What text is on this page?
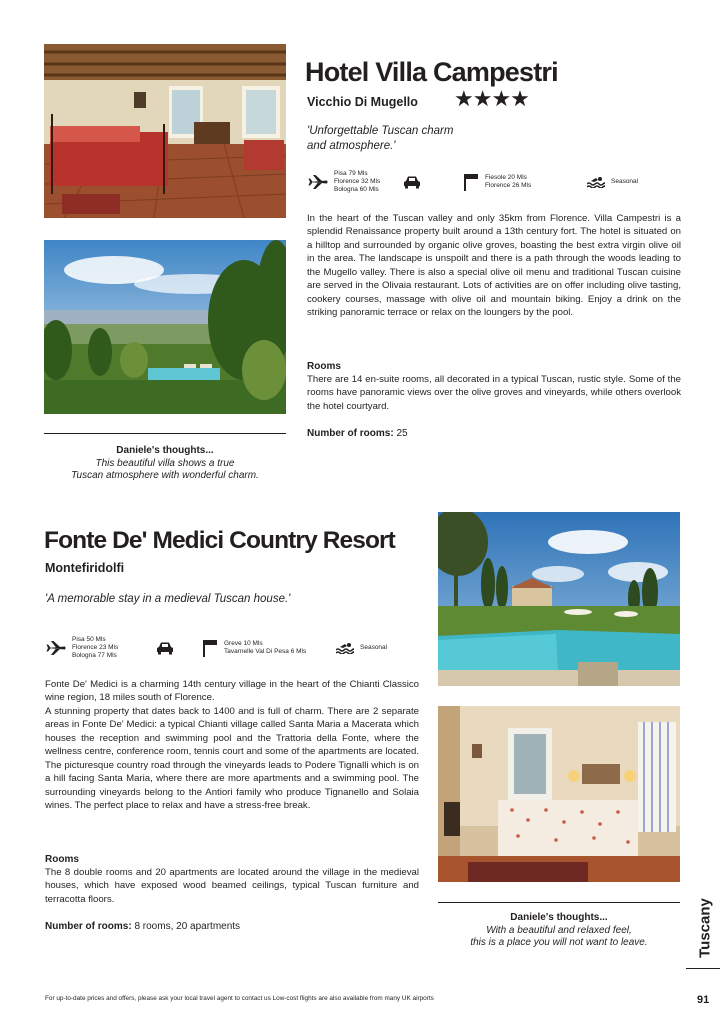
Hotel Villa Campestri
Vicchio Di Mugello ★★★★
'Unforgettable Tuscan charm and atmosphere.'
Pisa 79 Mls
Florence 32 Mls
Bologna 60 Mls
Fiesole 20 Mls
Florence 26 Mls
Seasonal

In the heart of the Tuscan valley and only 35km from Florence. Villa Campestri is a splendid Renaissance property built around a 13th century fort. The hotel is situated on a hilltop and surrounded by organic olive groves, boasting the best extra virgin olive oil in the area. The landscape is unspoilt and there is a path through the woods leading to the Mugello valley. There is also a special olive oil menu and traditional Tuscan cuisine are served in the Olivaia restaurant. Lots of activities are on offer including olive tasting, cookery courses, massage with olive oil and mountain biking. Enjoy a drink on the striking panoramic terrace or relax on the loungers by the pool.

Rooms
There are 14 en-suite rooms, all decorated in a typical Tuscan, rustic style. Some of the rooms have panoramic views over the olive groves and vineyards, while others overlook the hotel courtyard.
Number of rooms: 25
Daniele's thoughts...
This beautiful villa shows a true
Tuscan atmosphere with wonderful charm.
Fonte De' Medici Country Resort
Montefiridolfi
'A memorable stay in a medieval Tuscan house.'
Pisa 50 Mls
Florence 23 Mls
Bologna 77 Mls
Greve 10 Mls
Tavarnelle Val Di Pesa 6 Mls
Seasonal

Fonte De' Medici is a charming 14th century village in the heart of the Chianti Classico wine region, 18 miles south of Florence.

A stunning property that dates back to 1400 and is full of charm. There are 2 separate areas in Fonte De' Medici: a typical Chianti village called Santa Maria a Macerata which houses the reception and swimming pool and the Trattoria della Fonte, where the wellness centre, conference room, tennis court and some of the apartments are located. The picturesque country road through the vineyards leads to Podere Tignalli which is on a hill facing Santa Maria, where there are more apartments and a swimming pool. The surrounding vineyards belong to the Antiori family who produce Tignanello and Solaia wines. The perfect place to relax and have a stress-free break.

Rooms
The 8 double rooms and 20 apartments are located around the village in the medieval houses, which have exposed wood beamed ceilings, typical Tuscan furniture and terracotta floors.
Number of rooms: 8 rooms, 20 apartments
Daniele's thoughts...
With a beautiful and relaxed feel,
this is a place you will not want to leave.	Tuscany
For up-to-date prices and offers, please ask your local travel agent to contact us Low-cost flights are also available from many UK airports	91
